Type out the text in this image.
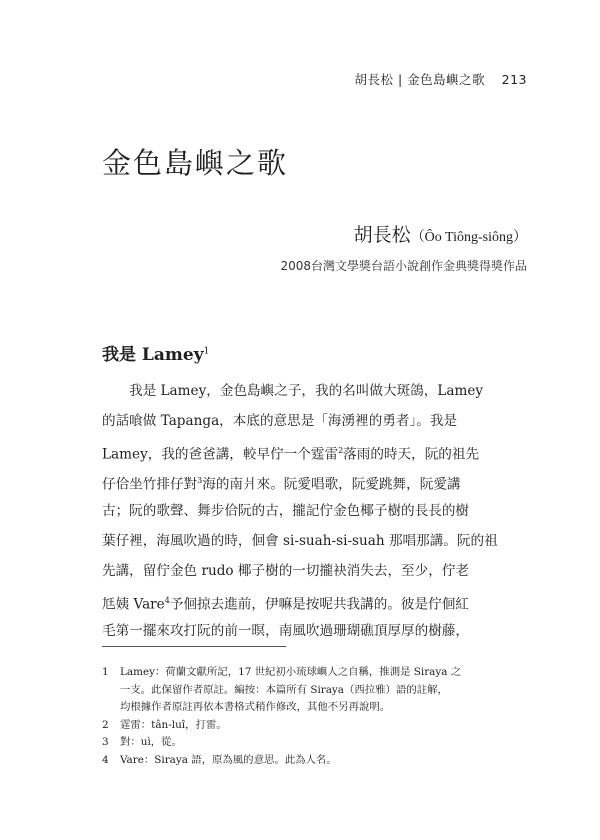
胡長松 | 金色島嶼之歌 213
金色島嶼之歌
胡長松（Ôo Tiông-siông）
2008台灣文學獎台語小說創作金典獎得獎作品
我是 Lamey$^1$
我是 Lamey，金色島嶼之子，我的名叫做大斑鴿，Lamey
的話喰做 Tapanga，本底的意思是「海湧裡的勇者」。我是
Lamey，我的爸爸講，較早佇一个霆雷$^2$落雨的時天，阮的祖先
仔佮坐竹排仔對$^3$海的南爿來。阮愛唱歌，阮愛跳舞，阮愛講
古；阮的歌聲、舞步佮阮的古，攏記佇金色椰子樹的長長的樹
葉仔裡，海風吹過的時，佪會 si-suah-si-suah 那唱那講。阮的祖
先講，留佇金色 rudo 椰子樹的一切攏袂消失去，至少，佇老
尪姨 Vare$^4$予佪掠去進前，伊嘛是按呢共我講的。彼是佇佪紅
毛第一擺來攻打阮的前一暝，南風吹過珊瑚礁頂厚厚的樹藤，
1	Lamey：荷蘭文獻所記，17 世紀初小琉球嶼人之自稱，推測是 Siraya 之
一支。此保留作者原註。編按：本篇所有 Siraya（西拉雅）語的註解，
均根據作者原註再依本書格式稍作修改，其他不另再說明。
2	霆雷：tân-luî，打雷。
3	對：uì，從。
4	Vare：Siraya 語，原為風的意思。此為人名。
